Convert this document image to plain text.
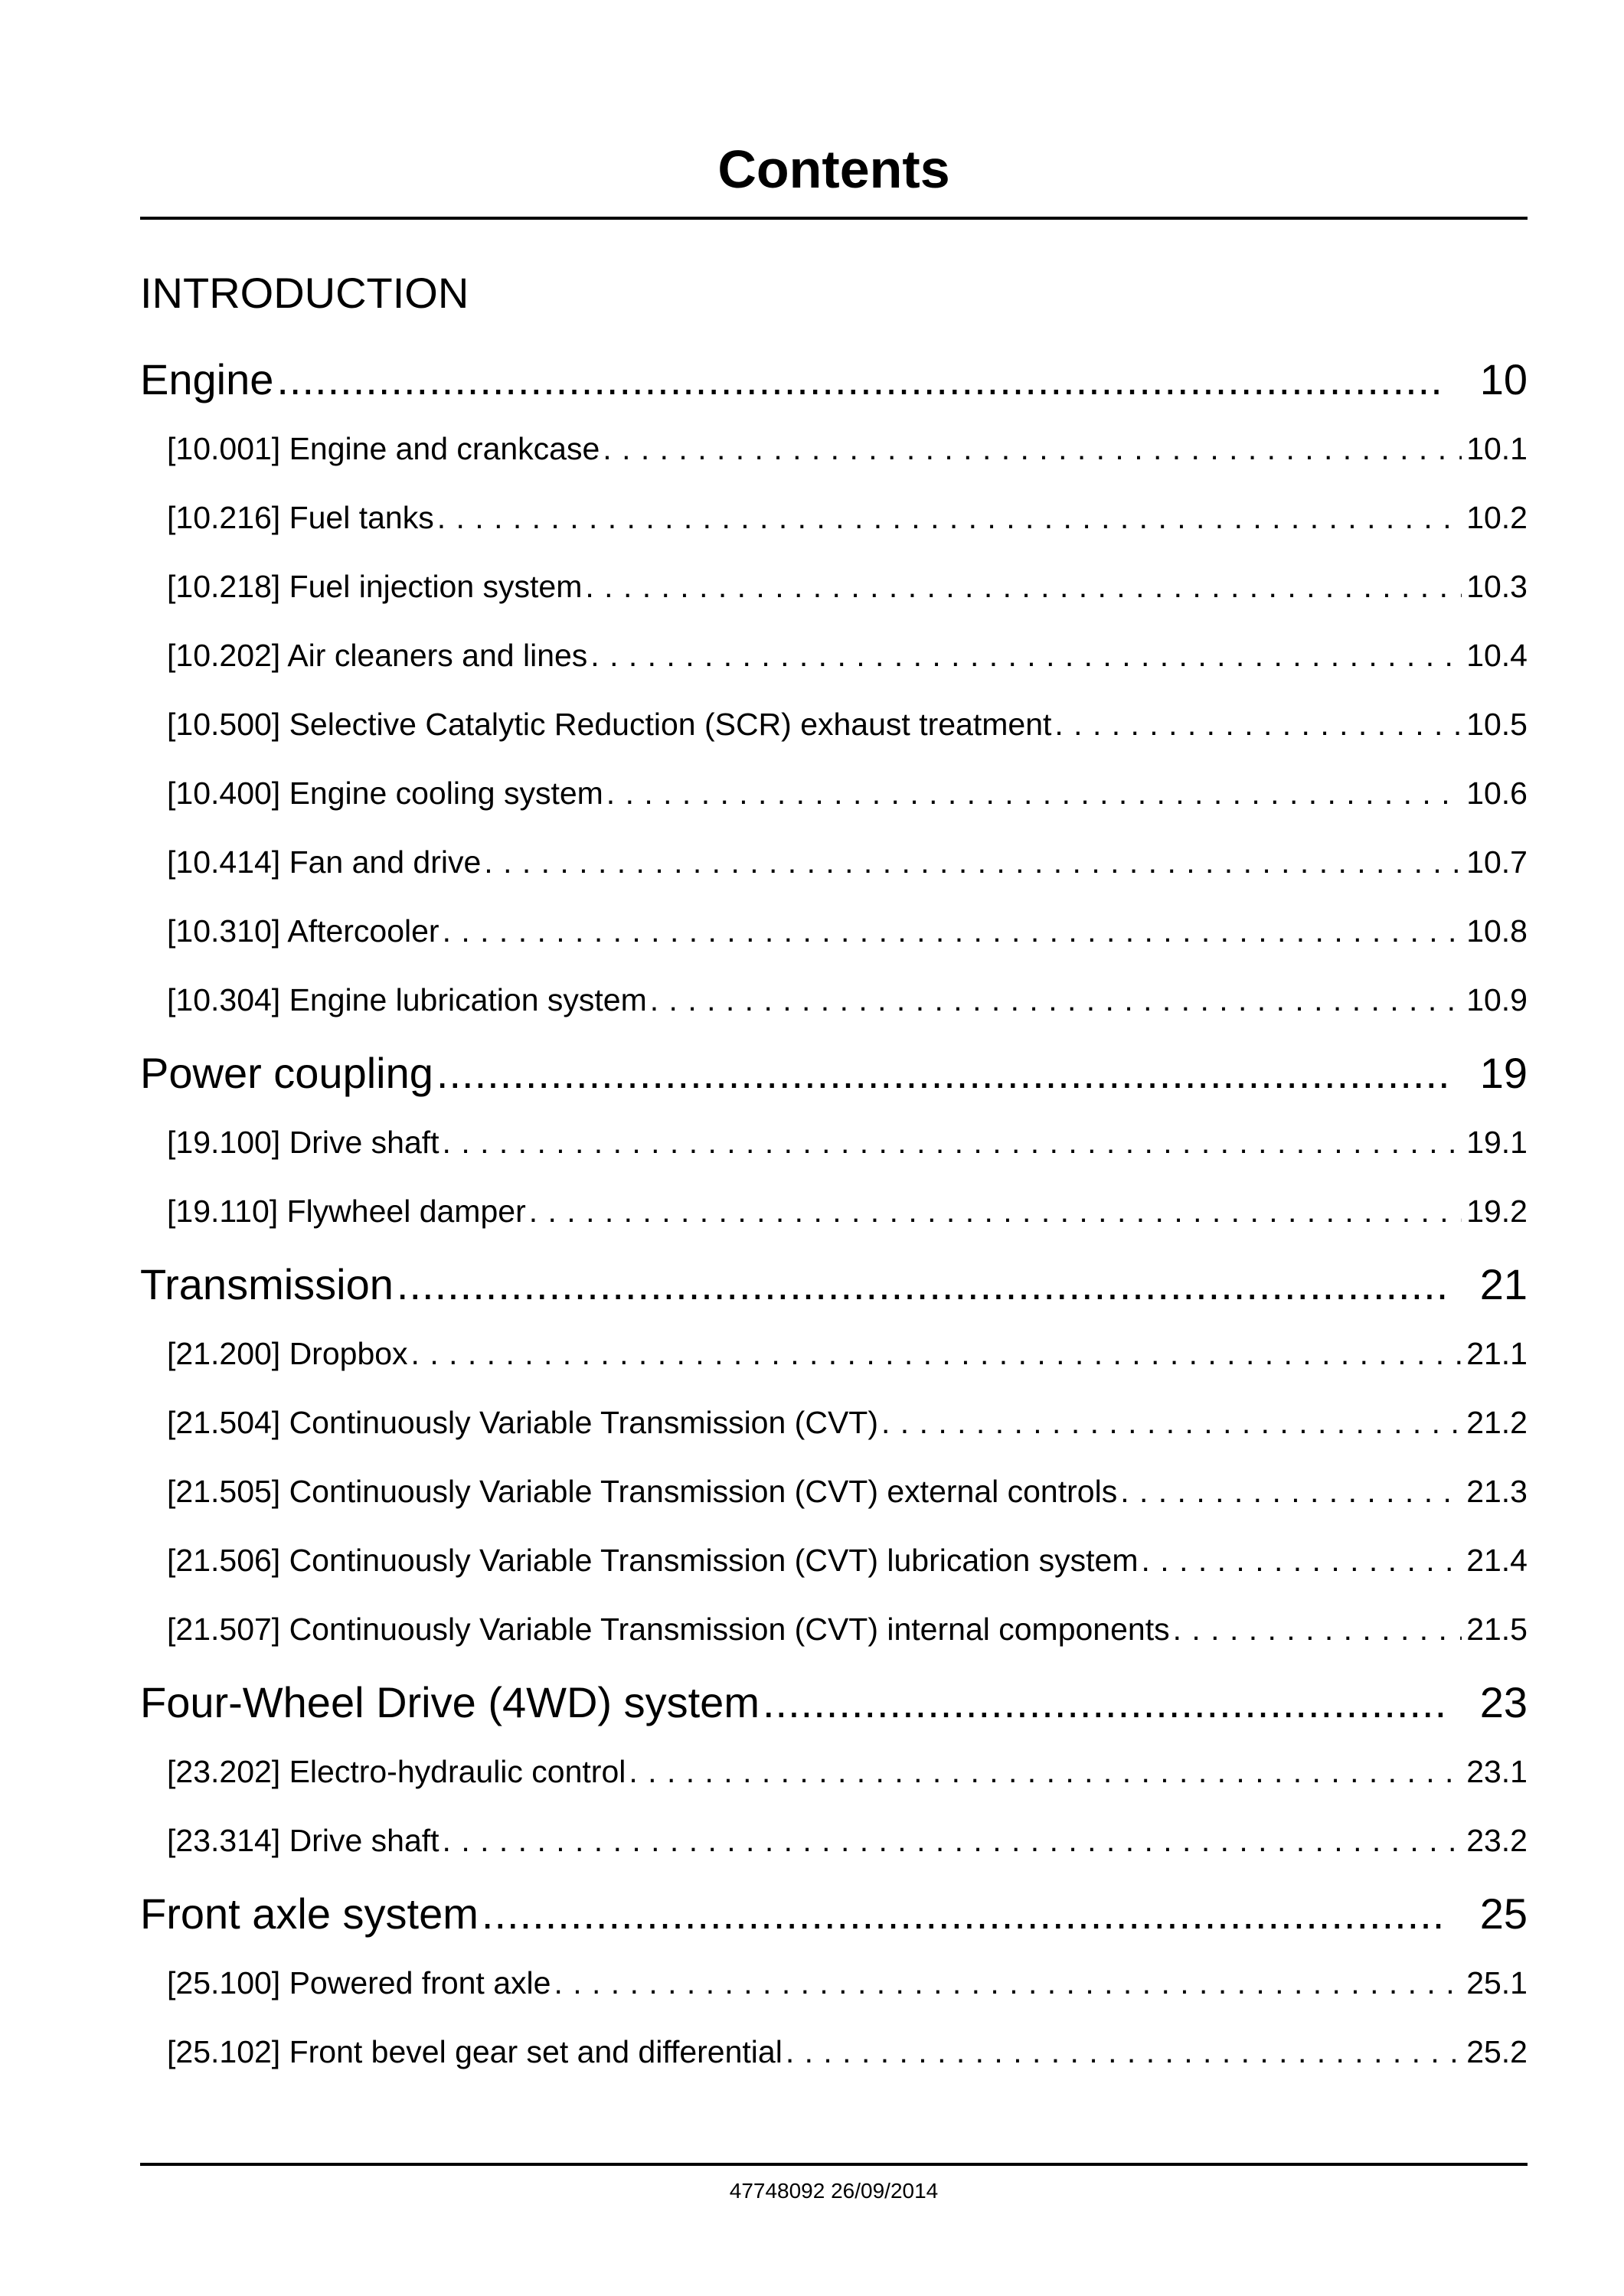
Contents
INTRODUCTION
Engine .....	10
[10.001] Engine and crankcase . . .	10.1
[10.216] Fuel tanks . . .	10.2
[10.218] Fuel injection system . . .	10.3
[10.202] Air cleaners and lines . . .	10.4
[10.500] Selective Catalytic Reduction (SCR) exhaust treatment . . .	10.5
[10.400] Engine cooling system . . .	10.6
[10.414] Fan and drive . . .	10.7
[10.310] Aftercooler . . .	10.8
[10.304] Engine lubrication system . . .	10.9
Power coupling .....	19
[19.100] Drive shaft . . .	19.1
[19.110] Flywheel damper . . .	19.2
Transmission .....	21
[21.200] Dropbox . . .	21.1
[21.504] Continuously Variable Transmission (CVT) . . .	21.2
[21.505] Continuously Variable Transmission (CVT) external controls . . .	21.3
[21.506] Continuously Variable Transmission (CVT) lubrication system . . .	21.4
[21.507] Continuously Variable Transmission (CVT) internal components . . .	21.5
Four-Wheel Drive (4WD) system .....	23
[23.202] Electro-hydraulic control . . .	23.1
[23.314] Drive shaft . . .	23.2
Front axle system .....	25
[25.100] Powered front axle . . .	25.1
[25.102] Front bevel gear set and differential . . .	25.2
47748092 26/09/2014
